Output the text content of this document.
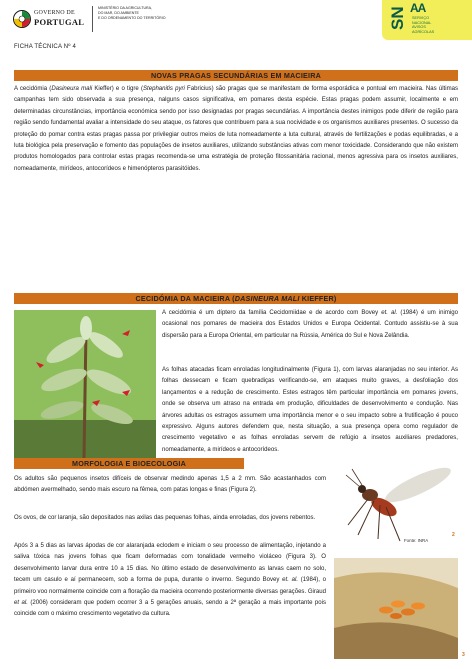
GOVERNO DE
PORTUGAL
MINISTÉRIO DA AGRICULTURA,
DO MAR, DO AMBIENTE
E DO ORDENAMENTO DO TERRITÓRIO	SN AA
SERVIÇO
NACIONAL
AVISOS
AGRÍCOLAS
FICHA TÉCNICA Nº 4
NOVAS PRAGAS SECUNDÁRIAS EM MACIEIRA
A cecidómia (Dasineura mali Kieffer) e o tigre (Stephanitis pyri Fabricius) são pragas que se manifestam de forma esporádica e pontual em macieira. Nas últimas campanhas tem sido observada a sua presença, nalguns casos significativa, em pomares desta espécie. Estas pragas podem assumir, localmente e em determinadas circunstâncias, importância económica sendo por isso designadas por pragas secundárias. A importância destes inimigos pode diferir de região para região sendo fundamental avaliar a intensidade do seu ataque, os fatores que contribuem para a sua nocividade e os organismos auxiliares presentes. O sucesso da proteção do pomar contra estas pragas passa por privilegiar outros meios de luta nomeadamente a luta cultural, através de fertilizações e podas equilibradas, e a luta biológica pela preservação e fomento das populações de insetos auxiliares, utilizando substâncias ativas com menor toxicidade. Considerando que não existem produtos homologados para controlar estas pragas recomenda-se uma estratégia de proteção fitossanitária racional, menos agressiva para os insetos auxiliares, nomeadamente, mirídeos, antocorídeos e himenópteros parasitóides.
CECIDÓMIA DA MACIEIRA (DASINEURA MALI KIEFFER)
A cecidómia é um díptero da família Cecidomiidae e de acordo com Bovey et. al. (1984) é um inimigo ocasional nos pomares de macieira dos Estados Unidos e Europa Ocidental. Contudo assistiu-se à sua dispersão para a Europa Oriental, em particular na Rússia, América do Sul e Nova Zelândia.
As folhas atacadas ficam enroladas longitudinalmente (Figura 1), com larvas alaranjadas no seu interior. As folhas dessecam e ficam quebradiças verificando-se, em ataques muito graves, a desfoliação dos lançamentos e a redução de crescimento. Estes estragos têm particular importância em pomares jovens, onde se observa um atraso na entrada em produção, dificuldades de desenvolvimento e condução. Nas árvores adultas os estragos assumem uma importância menor e o seu impacto sobre a frutificação é pouco expressivo. Alguns autores defendem que, nesta situação, a sua presença opera como regulador de crescimento vegetativo e as folhas enroladas servem de refúgio a insetos auxiliares predadores, nomeadamente, a mirídeos e antocorídeos.
MORFOLOGIA E BIOECOLOGIA
Os adultos são pequenos insetos difíceis de observar medindo apenas 1,5 a 2 mm. São acastanhados com abdómen avermelhado, sendo mais escuro na fêmea, com patas longas e finas (Figura 2).
Os ovos, de cor laranja, são depositados nas axilas das pequenas folhas, ainda enroladas, dos jovens rebentos.
Após 3 a 5 dias as larvas ápodas de cor alaranjada eclodem e iniciam o seu processo de alimentação, injetando a saliva tóxica nas jovens folhas que ficam deformadas com tonalidade vermelho violáceo (Figura 3). O desenvolvimento larvar dura entre 10 a 15 dias. No último estado de desenvolvimento as larvas caem no solo, tecem um casulo e aí permanecem, sob a forma de pupa, durante o inverno. Segundo Bovey et. al. (1984), o primeiro voo normalmente coincide com a floração da macieira ocorrendo posteriormente diversas gerações. Giraud et al. (2006) consideram que podem ocorrer 3 a 5 gerações anuais, sendo a 2ª geração a mais importante pois coincide com o máximo crescimento vegetativo da cultura.
Fonte: INRA
2
3
